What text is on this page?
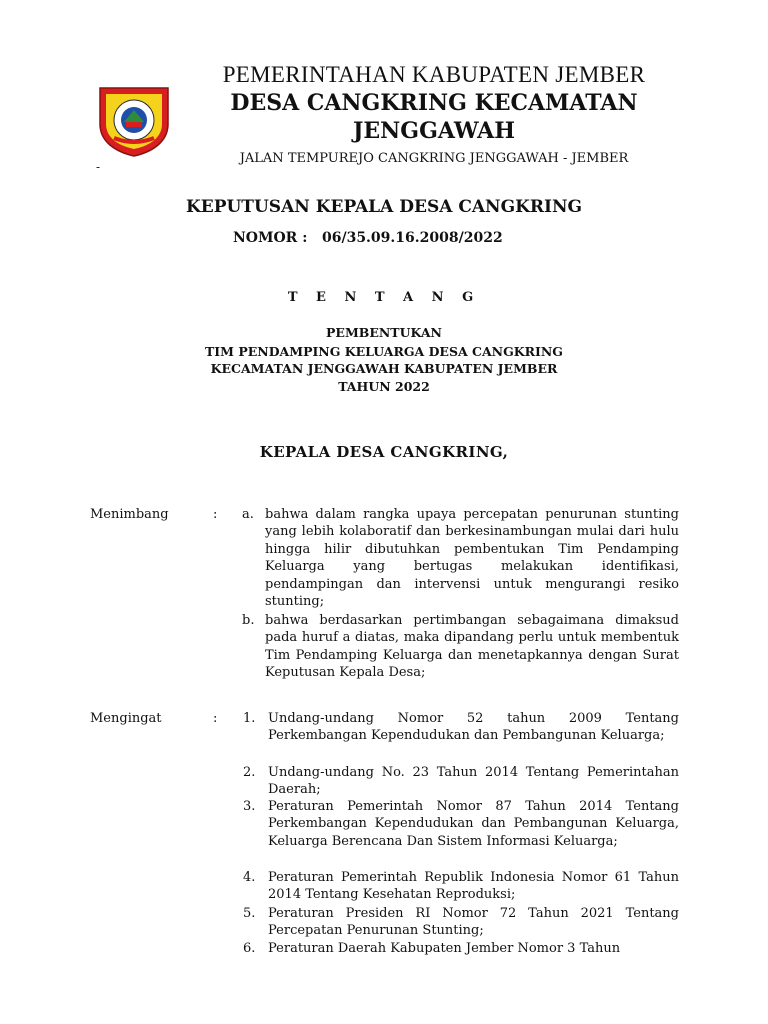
PEMERINTAHAN KABUPATEN JEMBER
DESA CANGKRING KECAMATAN
JENGGAWAH
JALAN TEMPUREJO CANGKRING JENGGAWAH - JEMBER
-
KEPUTUSAN KEPALA DESA CANGKRING
NOMOR :   06/35.09.16.2008/2022
T E N T A N G
PEMBENTUKAN
TIM PENDAMPING KELUARGA DESA CANGKRING
KECAMATAN JENGGAWAH KABUPATEN JEMBER
TAHUN 2022
KEPALA DESA CANGKRING,
Menimbang	: a. bahwa dalam rangka upaya percepatan penurunan stunting yang lebih kolaboratif dan berkesinambungan mulai dari hulu hingga hilir dibutuhkan pembentukan Tim Pendamping Keluarga yang bertugas melakukan identifikasi, pendampingan dan intervensi untuk mengurangi resiko stunting;

b. bahwa berdasarkan pertimbangan sebagaimana dimaksud pada huruf a diatas, maka dipandang perlu untuk membentuk Tim Pendamping Keluarga dan menetapkannya dengan Surat Keputusan Kepala Desa;

Mengingat	: 1. Undang-undang Nomor 52 tahun 2009 Tentang Perkembangan Kependudukan dan Pembangunan Keluarga;

2. Undang-undang No. 23 Tahun 2014 Tentang Pemerintahan Daerah;

3. Peraturan Pemerintah Nomor 87 Tahun 2014 Tentang Perkembangan Kependudukan dan Pembangunan Keluarga, Keluarga Berencana Dan Sistem Informasi Keluarga;

4. Peraturan Pemerintah Republik Indonesia Nomor 61 Tahun 2014 Tentang Kesehatan Reproduksi;

5. Peraturan Presiden RI Nomor 72 Tahun 2021 Tentang Percepatan Penurunan Stunting;

6. Peraturan Daerah Kabupaten Jember Nomor 3 Tahun
